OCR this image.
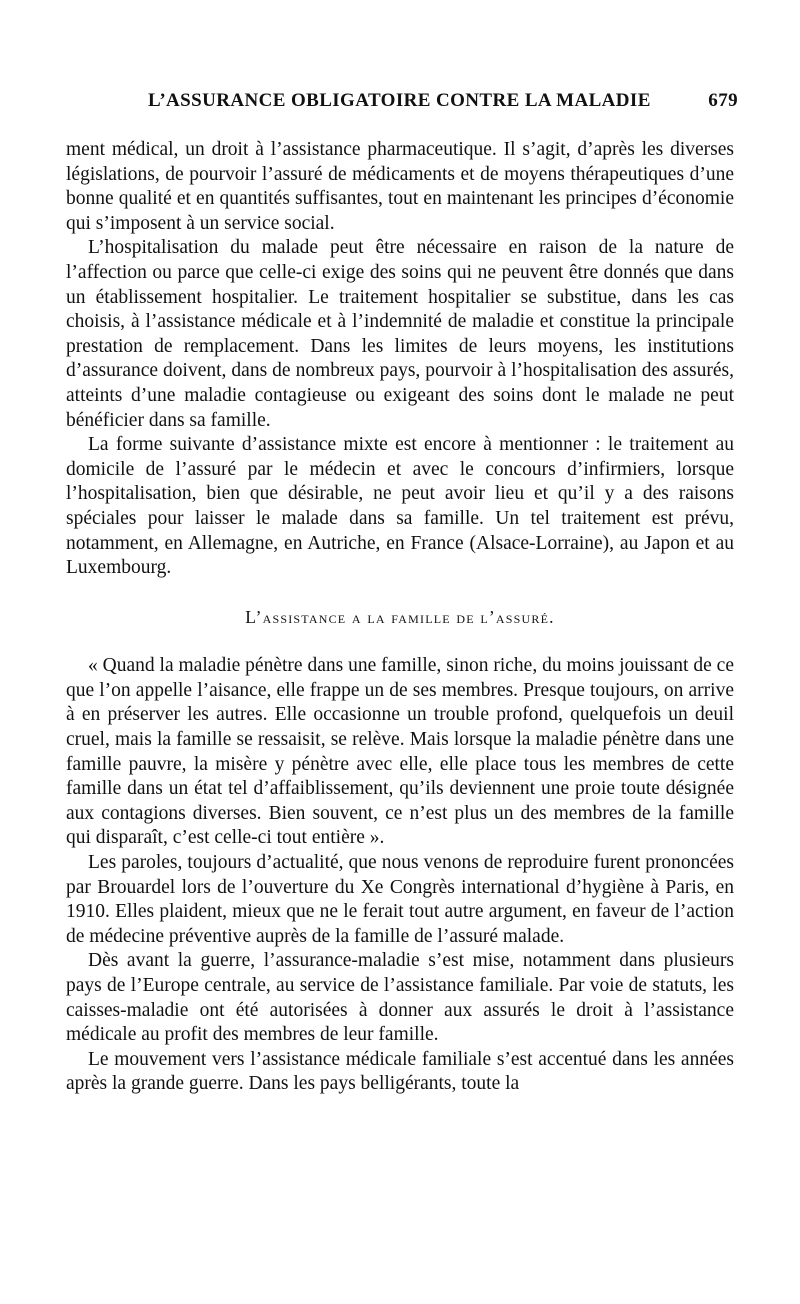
L’ASSURANCE OBLIGATOIRE CONTRE LA MALADIE	679

ment médical, un droit à l’assistance pharmaceutique. Il s’agit, d’après les diverses législations, de pourvoir l’assuré de médicaments et de moyens thérapeutiques d’une bonne qualité et en quantités suffisantes, tout en maintenant les principes d’économie qui s’imposent à un service social.

L’hospitalisation du malade peut être nécessaire en raison de la nature de l’affection ou parce que celle-ci exige des soins qui ne peuvent être donnés que dans un établissement hospitalier. Le traitement hospitalier se substitue, dans les cas choisis, à l’assistance médicale et à l’indemnité de maladie et constitue la principale prestation de remplacement. Dans les limites de leurs moyens, les institutions d’assurance doivent, dans de nombreux pays, pourvoir à l’hospitalisation des assurés, atteints d’une maladie contagieuse ou exigeant des soins dont le malade ne peut bénéficier dans sa famille.

La forme suivante d’assistance mixte est encore à mentionner : le traitement au domicile de l’assuré par le médecin et avec le concours d’infirmiers, lorsque l’hospitalisation, bien que désirable, ne peut avoir lieu et qu’il y a des raisons spéciales pour laisser le malade dans sa famille. Un tel traitement est prévu, notamment, en Allemagne, en Autriche, en France (Alsace-Lorraine), au Japon et au Luxembourg.

L’assistance a la famille de l’assuré.

« Quand la maladie pénètre dans une famille, sinon riche, du moins jouissant de ce que l’on appelle l’aisance, elle frappe un de ses membres. Presque toujours, on arrive à en préserver les autres. Elle occasionne un trouble profond, quelquefois un deuil cruel, mais la famille se ressaisit, se relève. Mais lorsque la maladie pénètre dans une famille pauvre, la misère y pénètre avec elle, elle place tous les membres de cette famille dans un état tel d’affaiblissement, qu’ils deviennent une proie toute désignée aux contagions diverses. Bien souvent, ce n’est plus un des membres de la famille qui disparaît, c’est celle-ci tout entière ».

Les paroles, toujours d’actualité, que nous venons de reproduire furent prononcées par Brouardel lors de l’ouverture du Xe Congrès international d’hygiène à Paris, en 1910. Elles plaident, mieux que ne le ferait tout autre argument, en faveur de l’action de médecine préventive auprès de la famille de l’assuré malade.

Dès avant la guerre, l’assurance-maladie s’est mise, notamment dans plusieurs pays de l’Europe centrale, au service de l’assistance familiale. Par voie de statuts, les caisses-maladie ont été autorisées à donner aux assurés le droit à l’assistance médicale au profit des membres de leur famille.

Le mouvement vers l’assistance médicale familiale s’est accentué dans les années après la grande guerre. Dans les pays belligérants, toute la
